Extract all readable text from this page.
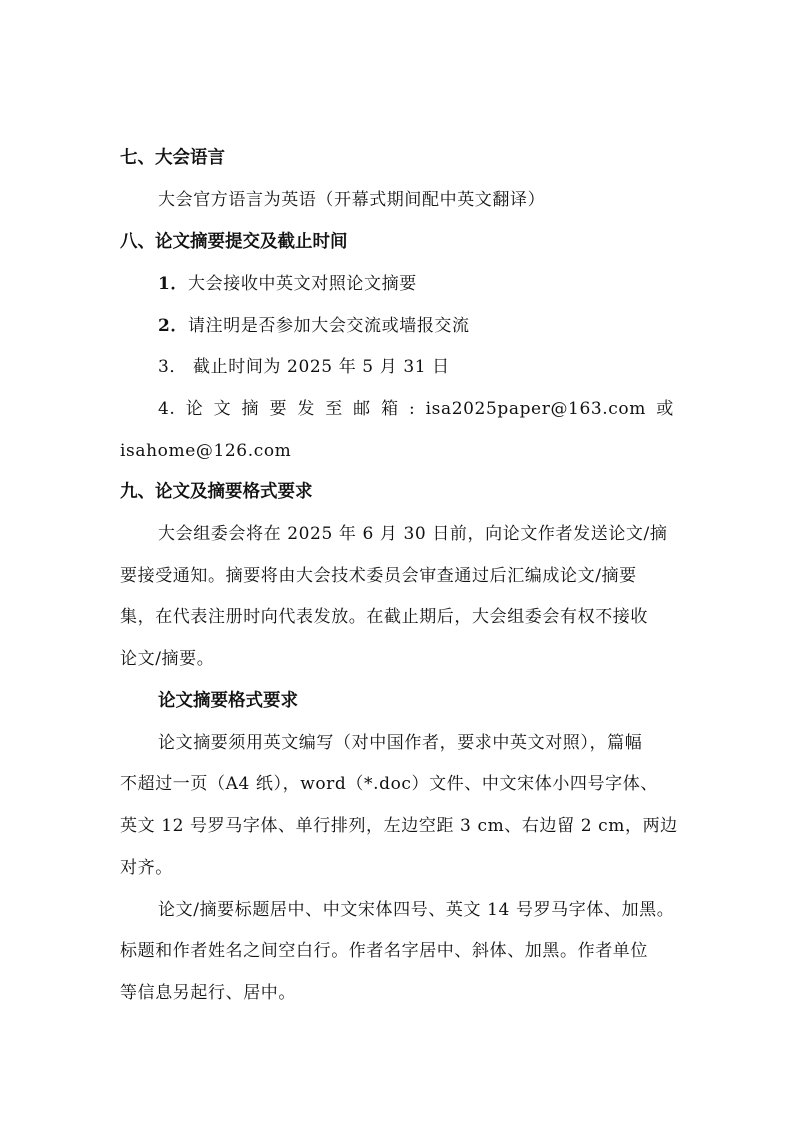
七、大会语言

大会官方语言为英语（开幕式期间配中英文翻译）

八、论文摘要提交及截止时间

1．大会接收中英文对照论文摘要

2．请注明是否参加大会交流或墙报交流

3． 截止时间为 2025 年 5 月 31 日

4. 论 文 摘 要 发 至 邮 箱 : isa2025paper@163.com 或

isahome@126.com

九、论文及摘要格式要求

大会组委会将在 2025 年 6 月 30 日前，向论文作者发送论文/摘

要接受通知。摘要将由大会技术委员会审查通过后汇编成论文/摘要

集，在代表注册时向代表发放。在截止期后，大会组委会有权不接收

论文/摘要。

论文摘要格式要求

论文摘要须用英文编写（对中国作者，要求中英文对照），篇幅

不超过一页（A4 纸），word（*.doc）文件、中文宋体小四号字体、

英文 12 号罗马字体、单行排列，左边空距 3 cm、右边留 2 cm，两边

对齐。

论文/摘要标题居中、中文宋体四号、英文 14 号罗马字体、加黑。

标题和作者姓名之间空白行。作者名字居中、斜体、加黑。作者单位

等信息另起行、居中。
